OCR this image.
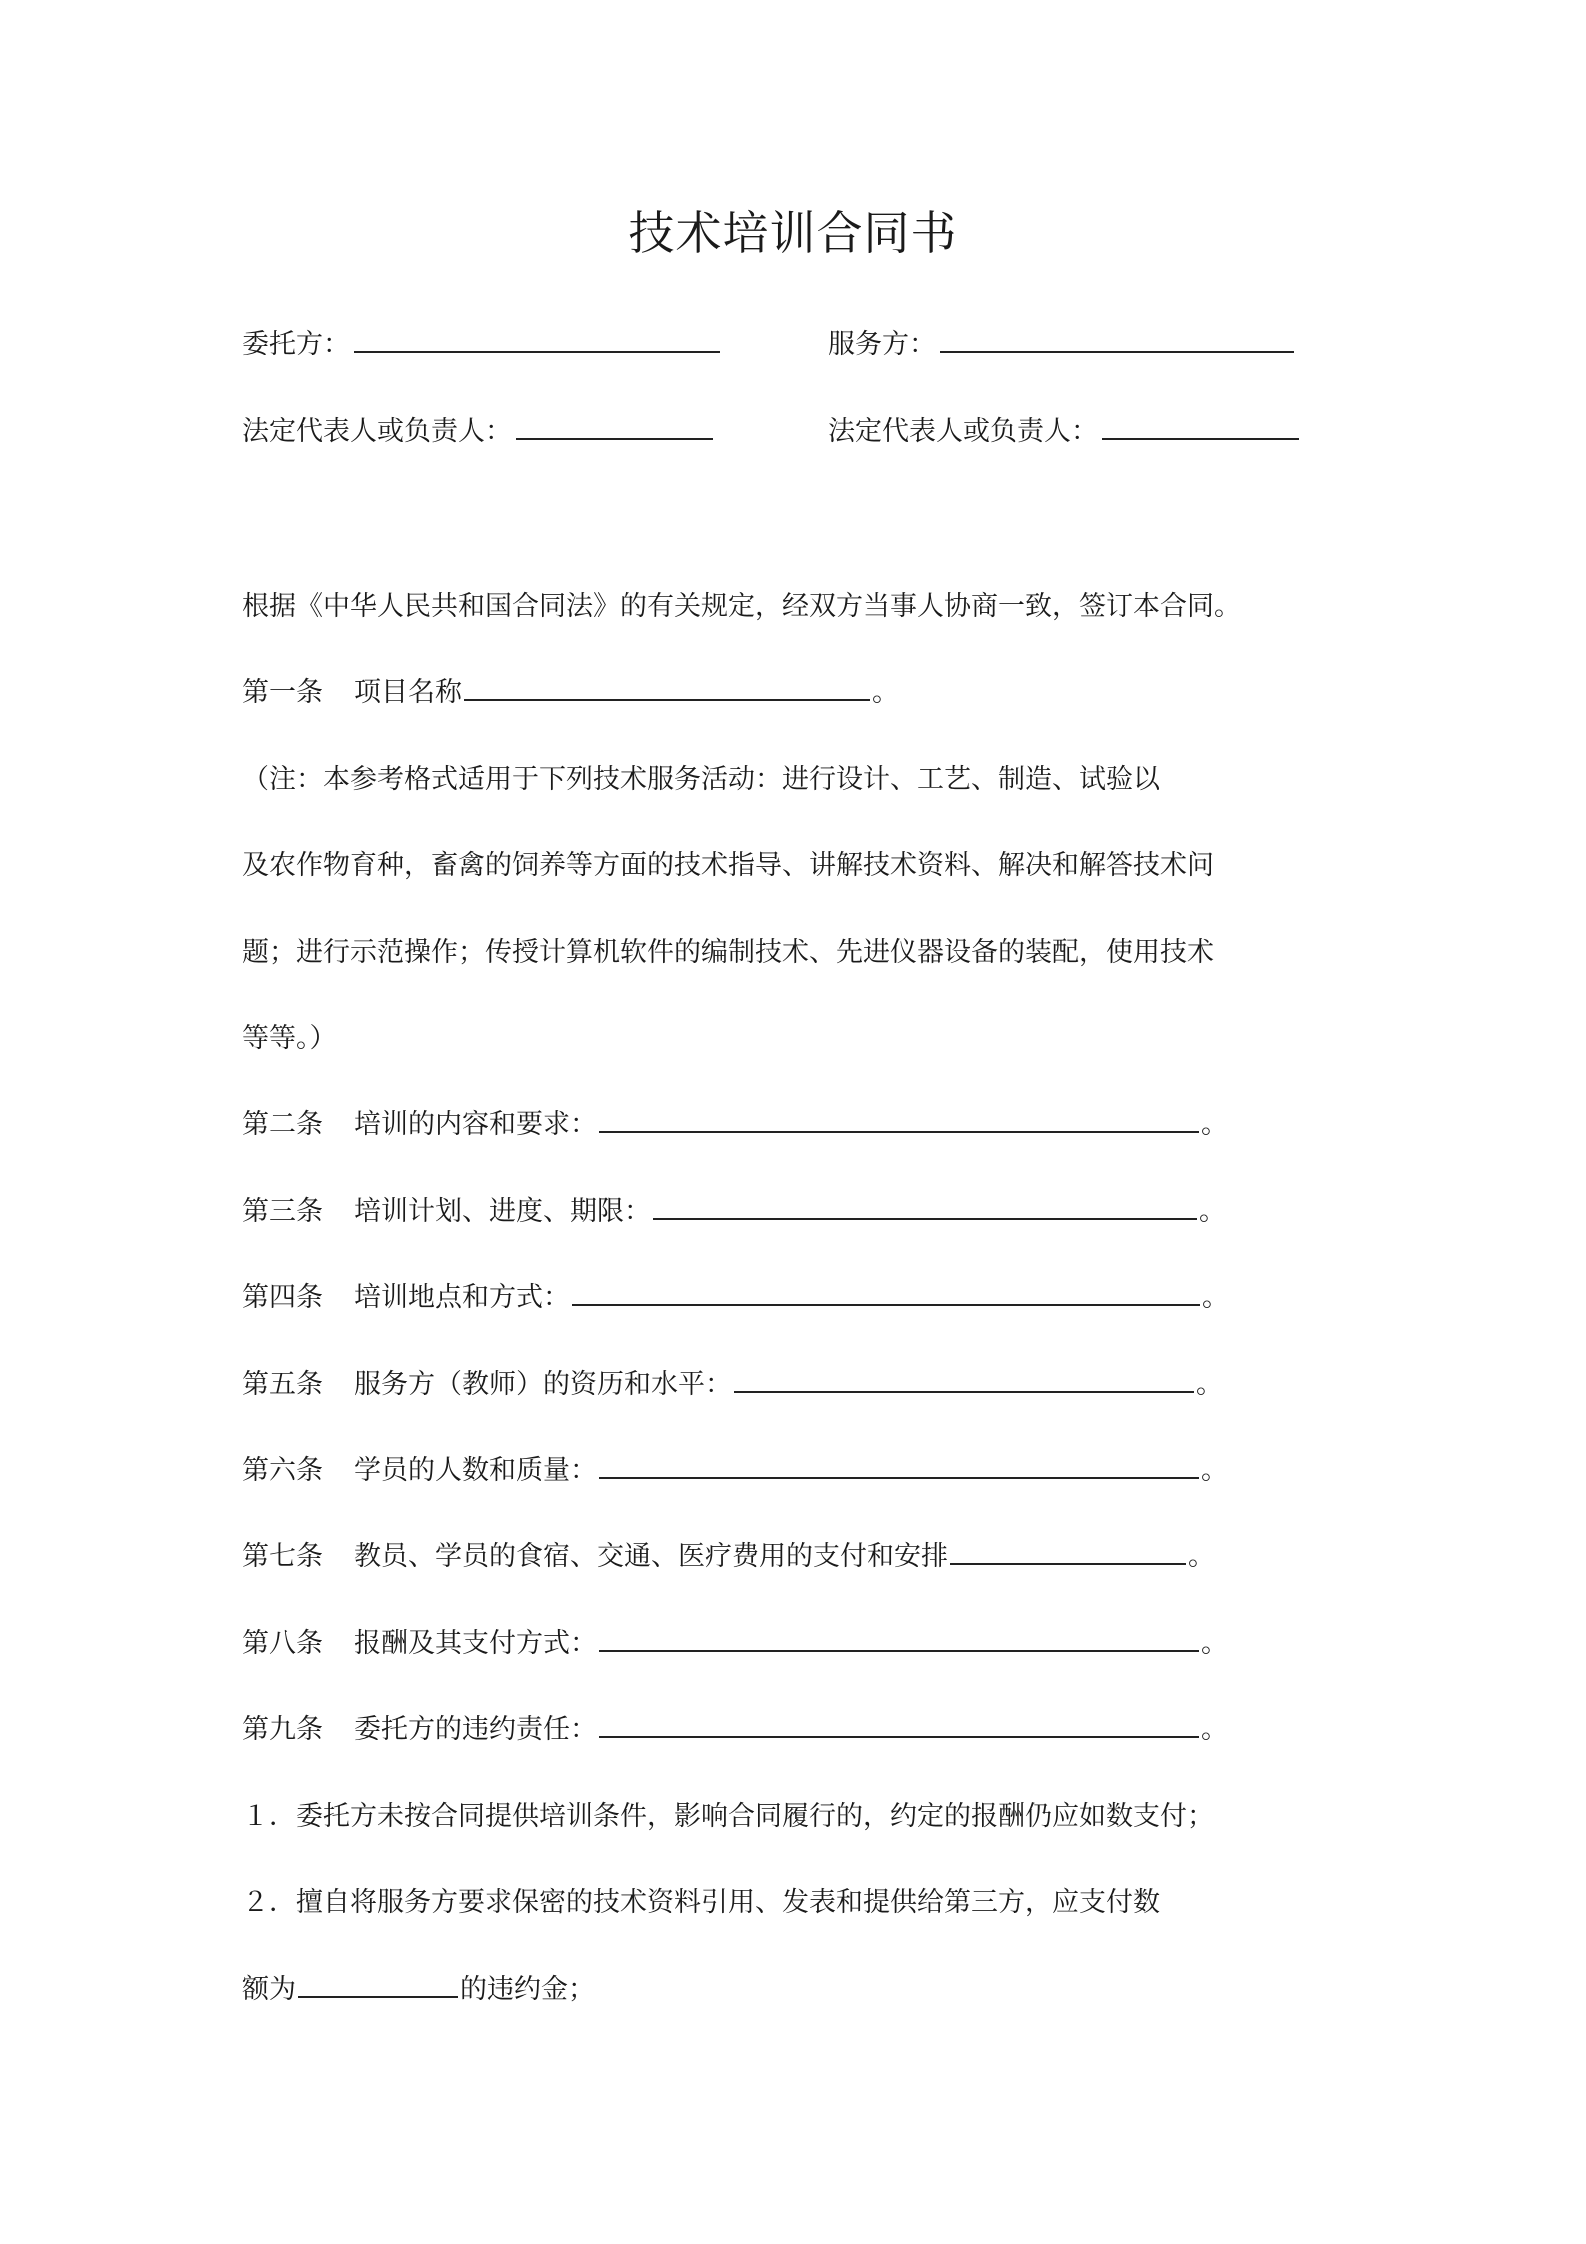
技术培训合同书
委托方：	服务方：
法定代表人或负责人：	法定代表人或负责人：
根据《中华人民共和国合同法》的有关规定，经双方当事人协商一致，签订本合同。
第一条 项目名称	。
（注：本参考格式适用于下列技术服务活动：进行设计、工艺、制造、试验以
及农作物育种，畜禽的饲养等方面的技术指导、讲解技术资料、解决和解答技术问
题；进行示范操作；传授计算机软件的编制技术、先进仪器设备的装配，使用技术
等等。）
第二条 培训的内容和要求：	。
第三条 培训计划、进度、期限：	。
第四条 培训地点和方式：	。
第五条 服务方（教师）的资历和水平：	。
第六条 学员的人数和质量：	。
第七条 教员、学员的食宿、交通、医疗费用的支付和安排	。
第八条 报酬及其支付方式：	。
第九条 委托方的违约责任：	。
１．委托方未按合同提供培训条件，影响合同履行的，约定的报酬仍应如数支付；
２．擅自将服务方要求保密的技术资料引用、发表和提供给第三方，应支付数
额为	的违约金；
